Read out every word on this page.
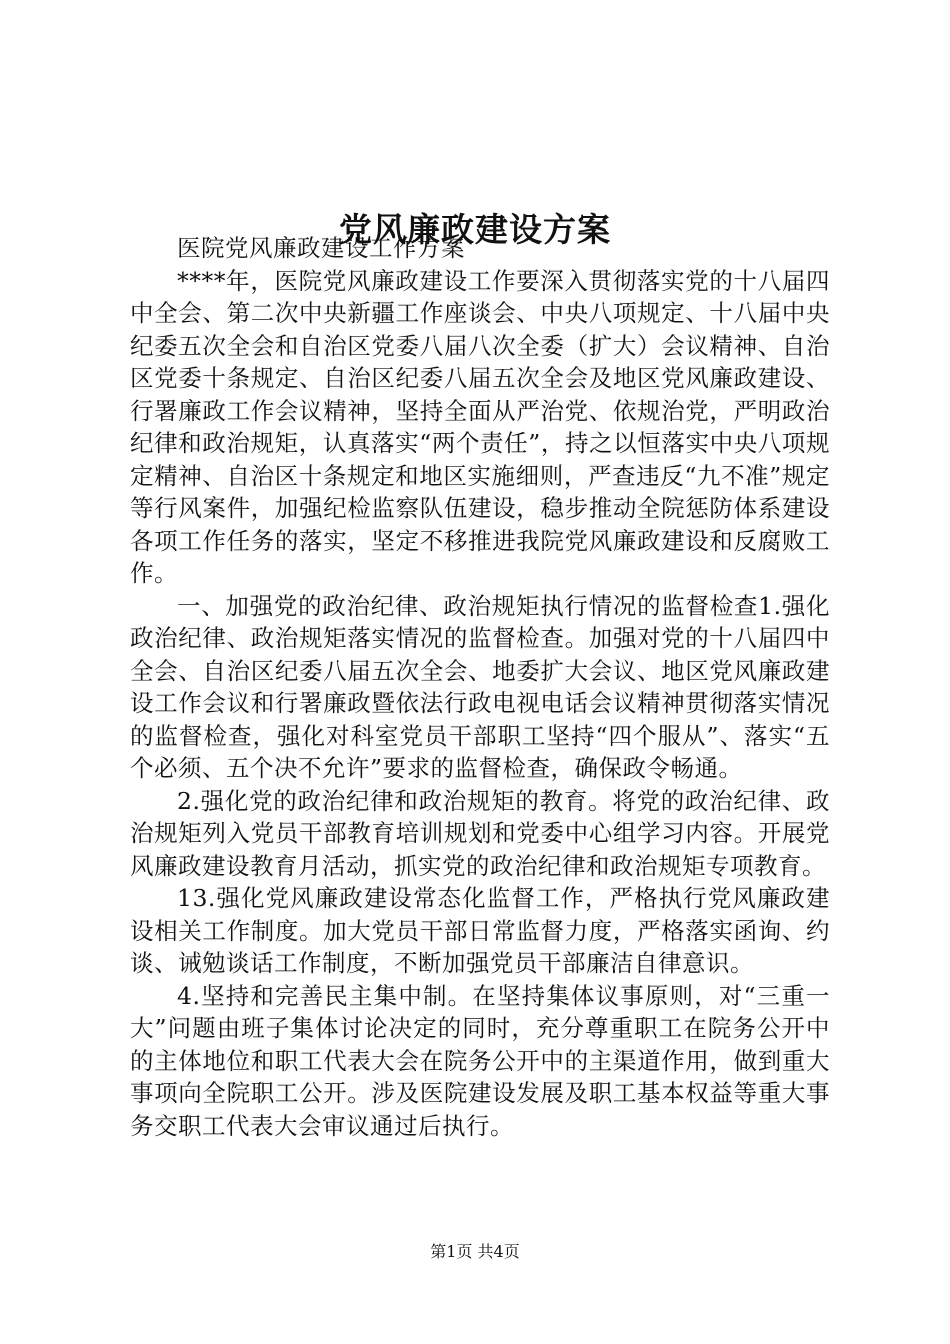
党风廉政建设方案

医院党风廉政建设工作方案

****年，医院党风廉政建设工作要深入贯彻落实党的十八届四中全会、第二次中央新疆工作座谈会、中央八项规定、十八届中央纪委五次全会和自治区党委八届八次全委（扩大）会议精神、自治区党委十条规定、自治区纪委八届五次全会及地区党风廉政建设、行署廉政工作会议精神，坚持全面从严治党、依规治党，严明政治纪律和政治规矩，认真落实“两个责任”，持之以恒落实中央八项规定精神、自治区十条规定和地区实施细则，严查违反“九不准”规定等行风案件，加强纪检监察队伍建设，稳步推动全院惩防体系建设各项工作任务的落实，坚定不移推进我院党风廉政建设和反腐败工作。

一、加强党的政治纪律、政治规矩执行情况的监督检查1.强化政治纪律、政治规矩落实情况的监督检查。加强对党的十八届四中全会、自治区纪委八届五次全会、地委扩大会议、地区党风廉政建设工作会议和行署廉政暨依法行政电视电话会议精神贯彻落实情况的监督检查，强化对科室党员干部职工坚持“四个服从”、落实“五个必须、五个决不允许”要求的监督检查，确保政令畅通。

2.强化党的政治纪律和政治规矩的教育。将党的政治纪律、政治规矩列入党员干部教育培训规划和党委中心组学习内容。开展党风廉政建设教育月活动，抓实党的政治纪律和政治规矩专项教育。

13.强化党风廉政建设常态化监督工作，严格执行党风廉政建设相关工作制度。加大党员干部日常监督力度，严格落实函询、约谈、诫勉谈话工作制度，不断加强党员干部廉洁自律意识。

4.坚持和完善民主集中制。在坚持集体议事原则，对“三重一大”问题由班子集体讨论决定的同时，充分尊重职工在院务公开中的主体地位和职工代表大会在院务公开中的主渠道作用，做到重大事项向全院职工公开。涉及医院建设发展及职工基本权益等重大事务交职工代表大会审议通过后执行。

第1页 共4页
